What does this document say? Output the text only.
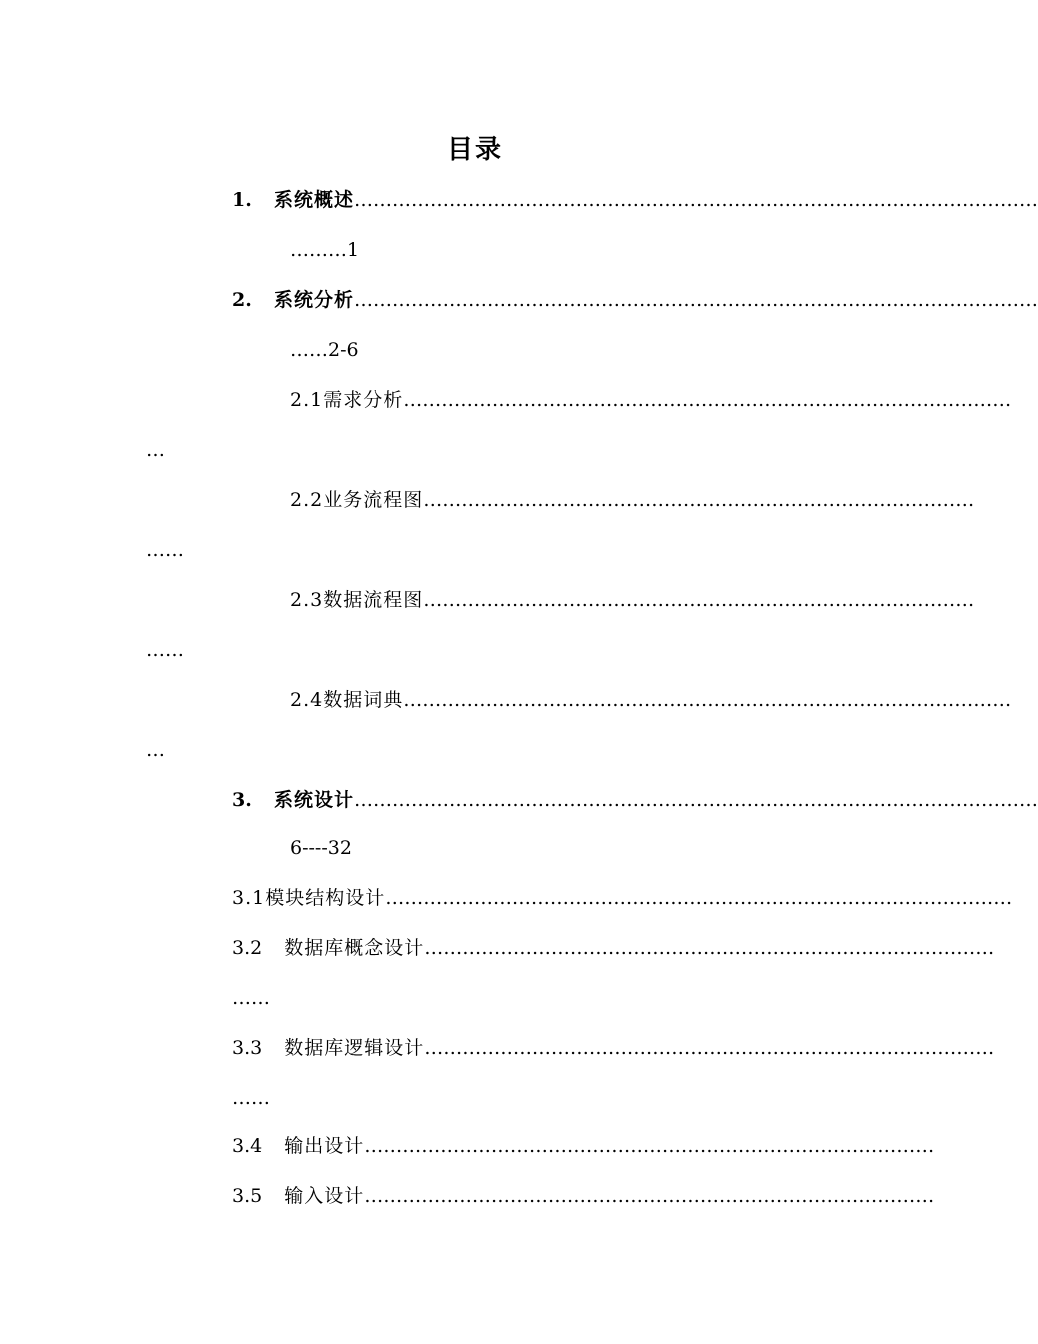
目录
1. 系统概述………………………………………………………………………………………………
………1
2. 系统分析………………………………………………………………………………………………
……2-6
2.1需求分析……………………………………………………………………………………
…
2.2业务流程图……………………………………………………………………………
……
2.3数据流程图……………………………………………………………………………
……
2.4数据词典……………………………………………………………………………………
…
3. 系统设计………………………………………………………………………………………………
6----32
3.1模块结构设计………………………………………………………………………………………
3.2 数据库概念设计………………………………………………………………………………
……
3.3 数据库逻辑设计………………………………………………………………………………
……
3.4 输出设计………………………………………………………………………………
3.5 输入设计………………………………………………………………………………
